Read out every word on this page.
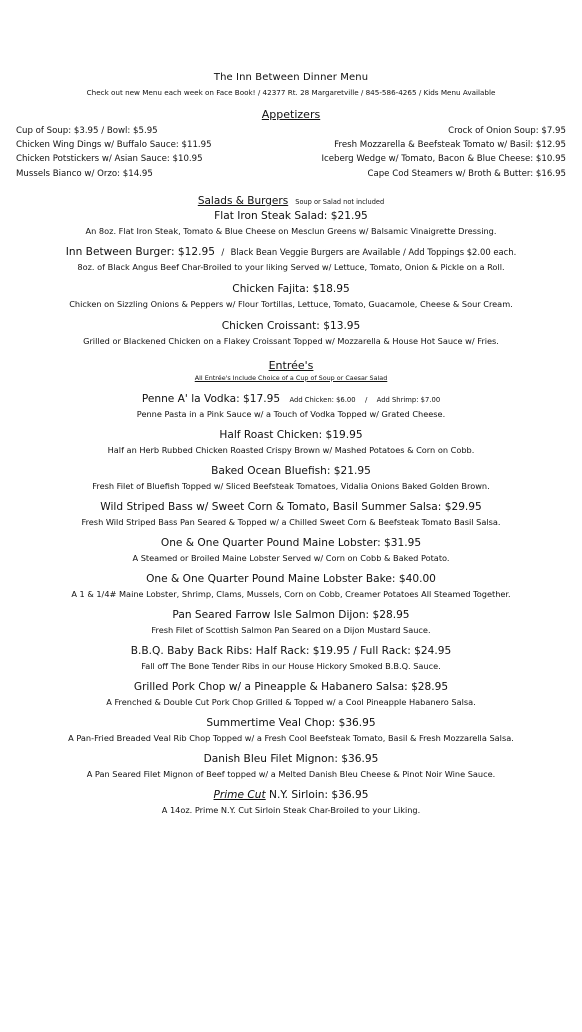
The Inn Between Dinner Menu
Check out new Menu each week on Face Book! / 42377 Rt. 28 Margaretville / 845-586-4265 / Kids Menu Available
Appetizers
Cup of Soup: $3.95 / Bowl: $5.95
Chicken Wing Dings w/ Buffalo Sauce: $11.95
Chicken Potstickers w/ Asian Sauce: $10.95
Mussels Bianco w/ Orzo: $14.95
Crock of Onion Soup: $7.95
Fresh Mozzarella & Beefsteak Tomato w/ Basil: $12.95
Iceberg Wedge w/ Tomato, Bacon & Blue Cheese: $10.95
Cape Cod Steamers w/ Broth & Butter: $16.95
Salads & Burgers Soup or Salad not included
Flat Iron Steak Salad: $21.95
An 8oz. Flat Iron Steak, Tomato & Blue Cheese on Mesclun Greens w/ Balsamic Vinaigrette Dressing.
Inn Between Burger: $12.95 / Black Bean Veggie Burgers are Available / Add Toppings $2.00 each.
8oz. of Black Angus Beef Char-Broiled to your liking Served w/ Lettuce, Tomato, Onion & Pickle on a Roll.
Chicken Fajita: $18.95
Chicken on Sizzling Onions & Peppers w/ Flour Tortillas, Lettuce, Tomato, Guacamole, Cheese & Sour Cream.
Chicken Croissant: $13.95
Grilled or Blackened Chicken on a Flakey Croissant Topped w/ Mozzarella & House Hot Sauce w/ Fries.
Entrée's
All Entrée's Include Choice of a Cup of Soup or Caesar Salad
Penne A' la Vodka: $17.95 Add Chicken: $6.00 / Add Shrimp: $7.00
Penne Pasta in a Pink Sauce w/ a Touch of Vodka Topped w/ Grated Cheese.
Half Roast Chicken: $19.95
Half an Herb Rubbed Chicken Roasted Crispy Brown w/ Mashed Potatoes & Corn on Cobb.
Baked Ocean Bluefish: $21.95
Fresh Filet of Bluefish Topped w/ Sliced Beefsteak Tomatoes, Vidalia Onions Baked Golden Brown.
Wild Striped Bass w/ Sweet Corn & Tomato, Basil Summer Salsa: $29.95
Fresh Wild Striped Bass Pan Seared & Topped w/ a Chilled Sweet Corn & Beefsteak Tomato Basil Salsa.
One & One Quarter Pound Maine Lobster: $31.95
A Steamed or Broiled Maine Lobster Served w/ Corn on Cobb & Baked Potato.
One & One Quarter Pound Maine Lobster Bake: $40.00
A 1 & 1/4# Maine Lobster, Shrimp, Clams, Mussels, Corn on Cobb, Creamer Potatoes All Steamed Together.
Pan Seared Farrow Isle Salmon Dijon: $28.95
Fresh Filet of Scottish Salmon Pan Seared on a Dijon Mustard Sauce.
B.B.Q. Baby Back Ribs: Half Rack: $19.95 / Full Rack: $24.95
Fall off The Bone Tender Ribs in our House Hickory Smoked B.B.Q. Sauce.
Grilled Pork Chop w/ a Pineapple & Habanero Salsa: $28.95
A Frenched & Double Cut Pork Chop Grilled & Topped w/ a Cool Pineapple Habanero Salsa.
Summertime Veal Chop: $36.95
A Pan-Fried Breaded Veal Rib Chop Topped w/ a Fresh Cool Beefsteak Tomato, Basil & Fresh Mozzarella Salsa.
Danish Bleu Filet Mignon: $36.95
A Pan Seared Filet Mignon of Beef topped w/ a Melted Danish Bleu Cheese & Pinot Noir Wine Sauce.
Prime Cut N.Y. Sirloin: $36.95
A 14oz. Prime N.Y. Cut Sirloin Steak Char-Broiled to your Liking.
